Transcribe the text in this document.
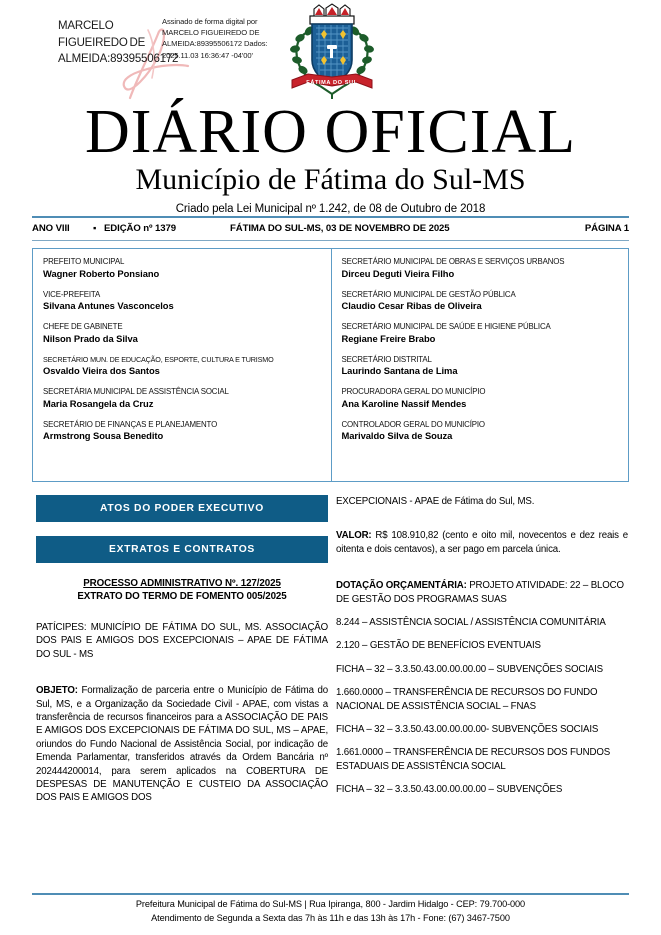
MARCELO FIGUEIREDO DE ALMEIDA:89395506172
Assinado de forma digital por MARCELO FIGUEIREDO DE ALMEIDA:89395506172 Dados: 2025.11.03 16:36:47 -04'00'
FÁTIMA DO SUL
DIÁRIO OFICIAL
Município de Fátima do Sul-MS
Criado pela Lei Municipal nº 1.242, de 08 de Outubro de 2018
ANO VIII ▪ EDIÇÃO nº 1379	FÁTIMA DO SUL-MS, 03 DE NOVEMBRO DE 2025	PÁGINA 1
PREFEITO MUNICIPAL
Wagner Roberto Ponsiano
VICE-PREFEITA
Silvana Antunes Vasconcelos
CHEFE DE GABINETE
Nilson Prado da Silva
SECRETÁRIO MUN. DE EDUCAÇÃO, ESPORTE, CULTURA E TURISMO
Osvaldo Vieira dos Santos
SECRETÁRIA MUNICIPAL DE ASSISTÊNCIA SOCIAL
Maria Rosangela da Cruz
SECRETÁRIO DE FINANÇAS E PLANEJAMENTO
Armstrong Sousa Benedito
SECRETÁRIO MUNICIPAL DE OBRAS E SERVIÇOS URBANOS
Dirceu Deguti Vieira Filho
SECRETÁRIO MUNICIPAL DE GESTÃO PÚBLICA
Claudio Cesar Ribas de Oliveira
SECRETÁRIO MUNICIPAL DE SAÚDE E HIGIENE PÚBLICA
Regiane Freire Brabo
SECRETÁRIO DISTRITAL
Laurindo Santana de Lima
PROCURADORA GERAL DO MUNICÍPIO
Ana Karoline Nassif Mendes
CONTROLADOR GERAL DO MUNICÍPIO
Marivaldo Silva de Souza
ATOS DO PODER EXECUTIVO
EXTRATOS E CONTRATOS
PROCESSO ADMINISTRATIVO Nº. 127/2025
EXTRATO DO TERMO DE FOMENTO 005/2025

PATÍCIPES: MUNICÍPIO DE FÁTIMA DO SUL, MS. ASSOCIAÇÃO DOS PAIS E AMIGOS DOS EXCEPCIONAIS – APAE DE FÁTIMA DO SUL - MS

OBJETO: Formalização de parceria entre o Município de Fátima do Sul, MS, e a Organização da Sociedade Civil - APAE, com vistas a transferência de recursos financeiros para a ASSOCIAÇÃO DE PAIS E AMIGOS DOS EXCEPCIONAIS DE FÁTIMA DO SUL, MS – APAE, oriundos do Fundo Nacional de Assistência Social, por indicação de Emenda Parlamentar, transferidos através da Ordem Bancária nº 202444200014, para serem aplicados na COBERTURA DE DESPESAS DE MANUTENÇÃO E CUSTEIO DA ASSOCIAÇÃO DOS PAIS E AMIGOS DOS

EXCEPCIONAIS - APAE de Fátima do Sul, MS.

VALOR: R$ 108.910,82 (cento e oito mil, novecentos e dez reais e oitenta e dois centavos), a ser pago em parcela única.

DOTAÇÃO ORÇAMENTÁRIA: PROJETO ATIVIDADE: 22 – BLOCO DE GESTÃO DOS PROGRAMAS SUAS

8.244 – ASSISTÊNCIA SOCIAL / ASSISTÊNCIA COMUNITÁRIA

2.120 – GESTÃO DE BENEFÍCIOS EVENTUAIS

FICHA – 32 – 3.3.50.43.00.00.00.00 – SUBVENÇÕES SOCIAIS

1.660.0000 – TRANSFERÊNCIA DE RECURSOS DO FUNDO NACIONAL DE ASSISTÊNCIA SOCIAL – FNAS

FICHA – 32 – 3.3.50.43.00.00.00.00- SUBVENÇÕES SOCIAIS

1.661.0000 – TRANSFERÊNCIA DE RECURSOS DOS FUNDOS ESTADUAIS DE ASSISTÊNCIA SOCIAL

FICHA – 32 – 3.3.50.43.00.00.00.00 – SUBVENÇÕES

Prefeitura Municipal de Fátima do Sul-MS | Rua Ipiranga, 800 - Jardim Hidalgo - CEP: 79.700-000
Atendimento de Segunda a Sexta das 7h às 11h e das 13h às 17h - Fone: (67) 3467-7500
